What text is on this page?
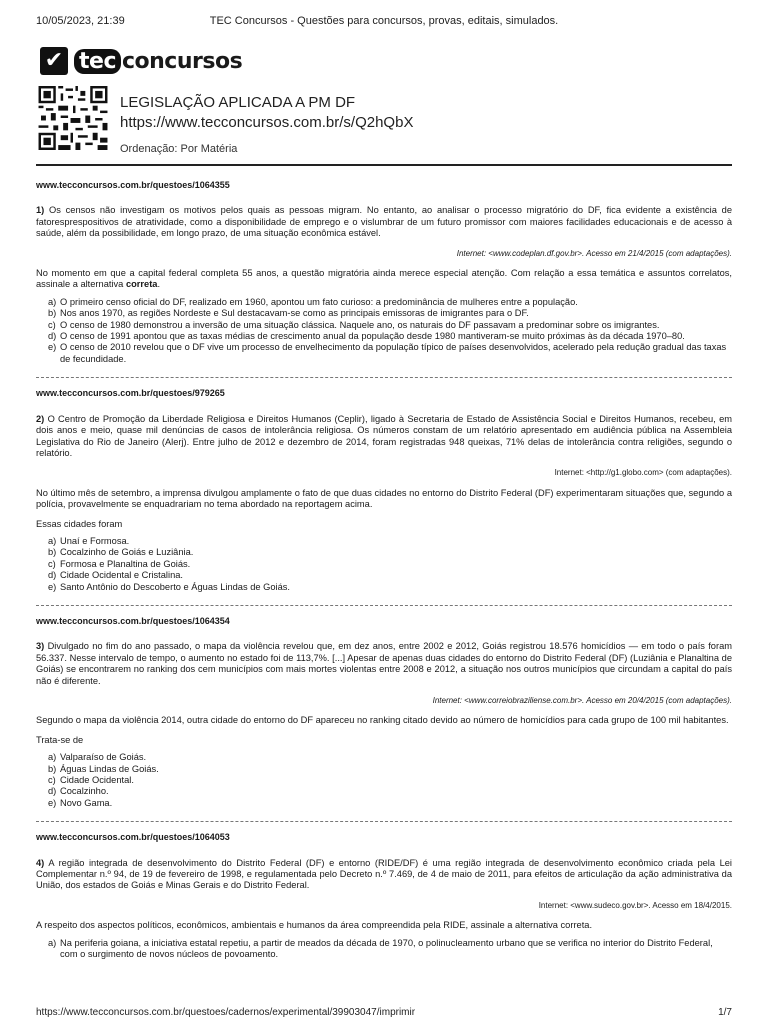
10/05/2023, 21:39	TEC Concursos - Questões para concursos, provas, editais, simulados.
✔ tec concursos
LEGISLAÇÃO APLICADA A PM DF
https://www.tecconcursos.com.br/s/Q2hQbX
Ordenação: Por Matéria
www.tecconcursos.com.br/questoes/1064355
1) Os censos não investigam os motivos pelos quais as pessoas migram. No entanto, ao analisar o processo migratório do DF, fica evidente a existência de fatoresprespositivos de atratividade, como a disponibilidade de emprego e o vislumbrar de um futuro promissor com maiores facilidades educacionais e de acesso à saúde, além da possibilidade, em longo prazo, de uma situação econômica estável.
Internet: <www.codeplan.df.gov.br>. Acesso em 21/4/2015 (com adaptações).
No momento em que a capital federal completa 55 anos, a questão migratória ainda merece especial atenção. Com relação a essa temática e assuntos correlatos, assinale a alternativa correta.
a) O primeiro censo oficial do DF, realizado em 1960, apontou um fato curioso: a predominância de mulheres entre a população.
b) Nos anos 1970, as regiões Nordeste e Sul destacavam-se como as principais emissoras de imigrantes para o DF.
c) O censo de 1980 demonstrou a inversão de uma situação clássica. Naquele ano, os naturais do DF passavam a predominar sobre os imigrantes.
d) O censo de 1991 apontou que as taxas médias de crescimento anual da população desde 1980 mantiveram-se muito próximas às da década 1970–80.
e) O censo de 2010 revelou que o DF vive um processo de envelhecimento da população típico de países desenvolvidos, acelerado pela redução gradual das taxas de fecundidade.
www.tecconcursos.com.br/questoes/979265
2) O Centro de Promoção da Liberdade Religiosa e Direitos Humanos (Ceplir), ligado à Secretaria de Estado de Assistência Social e Direitos Humanos, recebeu, em dois anos e meio, quase mil denúncias de casos de intolerância religiosa. Os números constam de um relatório apresentado em audiência pública na Assembleia Legislativa do Rio de Janeiro (Alerj). Entre julho de 2012 e dezembro de 2014, foram registradas 948 queixas, 71% delas de intolerância contra religiões, segundo o relatório.
Internet: <http://g1.globo.com> (com adaptações).
No último mês de setembro, a imprensa divulgou amplamente o fato de que duas cidades no entorno do Distrito Federal (DF) experimentaram situações que, segundo a polícia, provavelmente se enquadrariam no tema abordado na reportagem acima.
Essas cidades foram
a) Unaí e Formosa.
b) Cocalzinho de Goiás e Luziânia.
c) Formosa e Planaltina de Goiás.
d) Cidade Ocidental e Cristalina.
e) Santo Antônio do Descoberto e Águas Lindas de Goiás.
www.tecconcursos.com.br/questoes/1064354
3) Divulgado no fim do ano passado, o mapa da violência revelou que, em dez anos, entre 2002 e 2012, Goiás registrou 18.576 homicídios — em todo o país foram 56.337. Nesse intervalo de tempo, o aumento no estado foi de 113,7%. [...] Apesar de apenas duas cidades do entorno do Distrito Federal (DF) (Luziânia e Planaltina de Goiás) se encontrarem no ranking dos cem municípios com mais mortes violentas entre 2008 e 2012, a situação nos outros municípios que circundam a capital do país não é diferente.
Internet: <www.correiobraziliense.com.br>. Acesso em 20/4/2015 (com adaptações).
Segundo o mapa da violência 2014, outra cidade do entorno do DF apareceu no ranking citado devido ao número de homicídios para cada grupo de 100 mil habitantes.
Trata-se de
a) Valparaíso de Goiás.
b) Águas Lindas de Goiás.
c) Cidade Ocidental.
d) Cocalzinho.
e) Novo Gama.
www.tecconcursos.com.br/questoes/1064053
4) A região integrada de desenvolvimento do Distrito Federal (DF) e entorno (RIDE/DF) é uma região integrada de desenvolvimento econômico criada pela Lei Complementar n.º 94, de 19 de fevereiro de 1998, e regulamentada pelo Decreto n.º 7.469, de 4 de maio de 2011, para efeitos de articulação da ação administrativa da União, dos estados de Goiás e Minas Gerais e do Distrito Federal.
Internet: <www.sudeco.gov.br>. Acesso em 18/4/2015.
A respeito dos aspectos políticos, econômicos, ambientais e humanos da área compreendida pela RIDE, assinale a alternativa correta.
a) Na periferia goiana, a iniciativa estatal repetiu, a partir de meados da década de 1970, o polinucleamento urbano que se verifica no interior do Distrito Federal, com o surgimento de novos núcleos de povoamento.
https://www.tecconcursos.com.br/questoes/cadernos/experimental/39903047/imprimir	1/7
